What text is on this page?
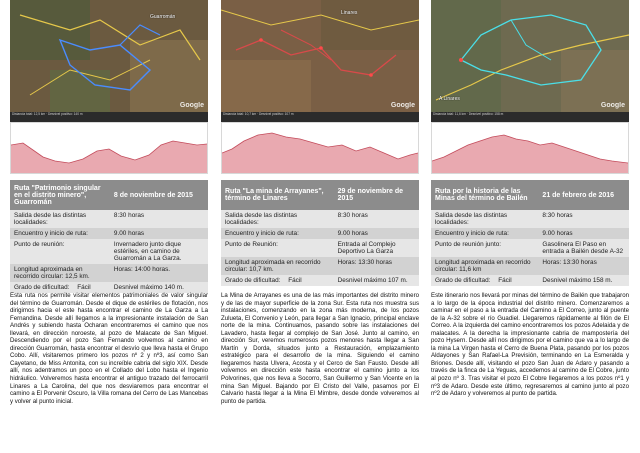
Guarromán
Google
Distancia total: 12,5 km · Desnivel positivo: 140 m
Ruta "Patrimonio singular en el distrito minero", Guarromán	8 de noviembre de 2015
Salida desde las distintas localidades:	8:30 horas
Encuentro y inicio de ruta:	9.00 horas
Punto de reunión:	Invernadero junto dique estériles, en camino de Guarromán a La Garza.
Longitud aproximada en recorrido circular: 12,5 km.	Horas: 14:00 horas.
Grado de dificultad: Fácil	Desnivel máximo 140 m.

Esta ruta nos permite visitar elementos patrimoniales de valor singular del término de Guarromán. Desde el dique de estériles de flotación, nos dirigimos hacia el este hasta encontrar el camino de La Garza a La Fernandina. Desde allí llegamos a la impresionante instalación de San Andrés y subiendo hasta Ocharan encontraremos el camino que nos llevará, en dirección noroeste, al pozo de Malacate de San Miguel. Descendiendo por el pozo San Fernando volvemos al camino en dirección Guarromán, hasta encontrar el desvío que lleva hasta el Grupo Cobo. Allí, visitaremos primero los pozos nº 2 y nº3, así como San Cayetano, de Miss Antonita, con su increíble cabria del siglo XIX. Desde allí, nos adentramos un poco en el Collado del Lobo hasta el Ingenio hidráulico. Volveremos hasta encontrar el antiguo trazado del ferrocarril Linares a La Carolina, del que nos desviaremos para encontrar el camino a El Porvenir Oscuro, la Villa romana del Cerro de Las Mancebas y volver al punto inicial.

Linares
Google
Distancia total: 10,7 km · Desnivel positivo: 107 m
Ruta "La mina de Arrayanes", término de Linares	29 de noviembre de 2015
Salida desde las distintas localidades:	8:30 horas
Encuentro y inicio de ruta:	9.00 horas
Punto de Reunión:	Entrada al Complejo Deportivo La Garza
Longitud aproximada en recorrido circular: 10,7 km.	Horas: 13:30 horas
Grado de dificultad: Fácil	Desnivel máximo 107 m.

La Mina de Arrayanes es una de las más importantes del distrito minero y de las de mayor superficie de la zona Sur. Esta ruta nos muestra sus instalaciones, comenzando en la zona más moderna, de los pozos Zulueta, El Convenio y León, para llegar a San Ignacio, principal enclave norte de la mina. Continuamos, pasando sobre las instalaciones del Lavadero, hasta llegar al complejo de San José. Junto al camino, en dirección Sur, veremos numerosos pozos menores hasta llegar a San Martín y Dorda, situados junto a Restauración, emplazamiento estratégico para el desarrollo de la mina. Siguiendo el camino llegaremos hasta Ulvera, Acosta y el Cerco de San Fausto. Desde allí volvemos en dirección este hasta encontrar el camino junto a los Polvorines, que nos lleva a Socorro, San Guillermo y San Vicente en la mina San Miguel. Bajando por El Cristo del Valle, pasamos por El Calvario hasta llegar a la Mina El Mimbre, desde donde volveremos al punto de partida.

A Linares
Google
Distancia total: 11,6 km · Desnivel positivo: 158 m
Ruta por la historia de las Minas del término de Bailén	21 de febrero de 2016
Salida desde las distintas localidades:	8:30 horas
Encuentro y inicio de ruta:	9.00 horas
Punto de reunión junto:	Gasolinera El Paso en entrada a Bailén desde A-32
Longitud aproximada en recorrido circular: 11,6 km	Horas: 13:30 horas
Grado de dificultad: Fácil	Desnivel máximo 158 m.

Este itinerario nos llevará por minas del término de Bailén que trabajaron a lo largo de la época industrial del distrito minero. Comenzaremos a caminar en el paso a la entrada del Camino a El Correo, junto al puente de la A-32 sobre el río Guadiel. Llegaremos rápidamente al filón de El Correo. A la izquierda del camino encontraremos los pozos Adelaida y de malacates. A la derecha la impresionante cabria de mampostería del pozo Hysern. Desde allí nos dirigimos por el camino que va a lo largo de la mina La Virgen hasta el Cerro de Buena Plata, pasando por los pozos Aldayones y San Rafael-La Previsión, terminando en La Esmeralda y Briones. Desde allí, visitando el pozo San Juan de Adaro y pasando a través de la finca de La Yeguas, accedemos al camino de El Cobre, junto al pozo nº 3. Tras visitar el pozo El Cobre llegaremos a los pozos nº1 y nº3 de Adaro. Desde este último, regresaremos al camino junto al pozo nº2 de Adaro y volveremos al punto de partida.
